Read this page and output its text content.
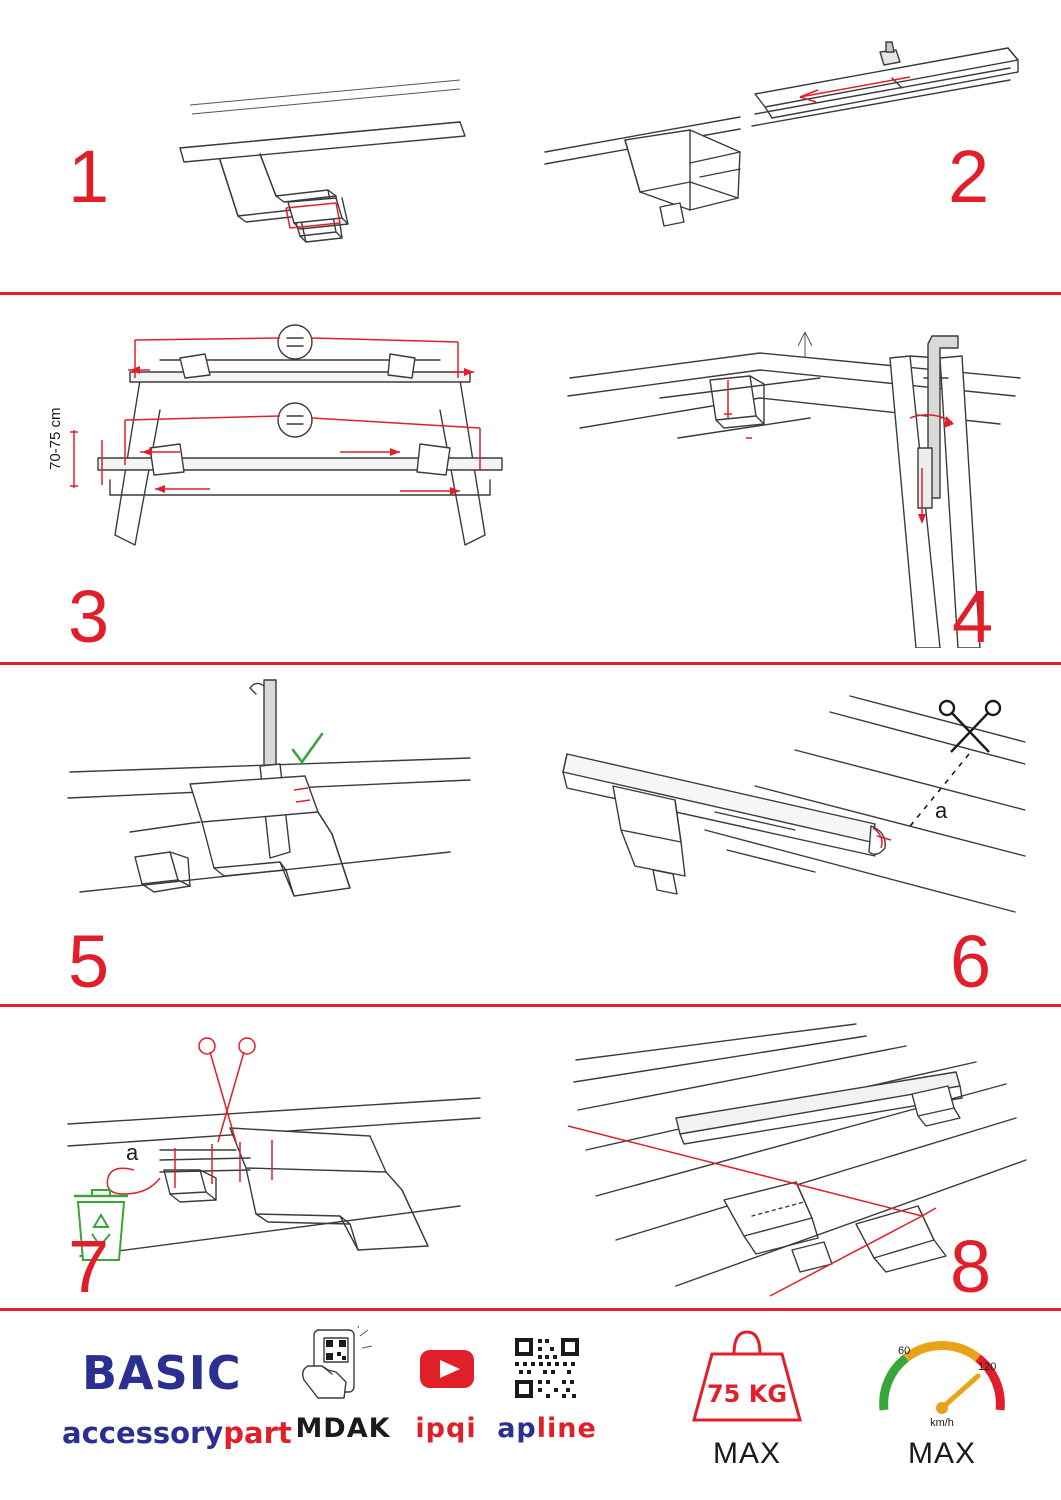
1	2
70-75 cm
3	4
5
a
6
a
7	8
BASIC
accessorypart MDAK ipqi apline
75 KG
MAX
60
120
km/h
MAX
